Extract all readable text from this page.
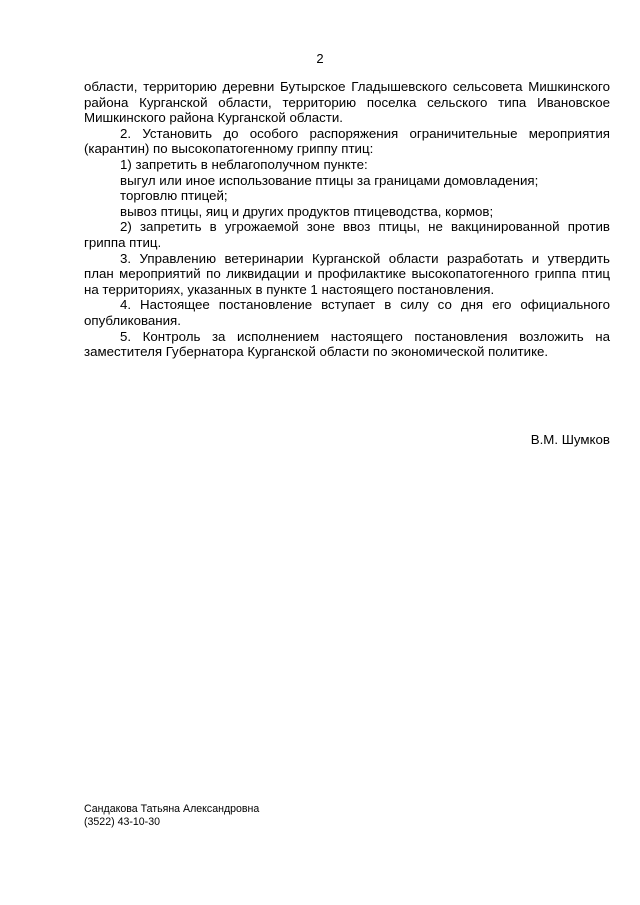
2

области, территорию деревни Бутырское Гладышевского сельсовета Мишкинского района Курганской области, территорию поселка сельского типа Ивановское Мишкинского района Курганской области.

2. Установить до особого распоряжения ограничительные мероприятия (карантин) по высокопатогенному гриппу птиц:

1) запретить в неблагополучном пункте:

выгул или иное использование птицы за границами домовладения;

торговлю птицей;

вывоз птицы, яиц и других продуктов птицеводства, кормов;

2) запретить в угрожаемой зоне ввоз птицы, не вакцинированной против гриппа птиц.

3. Управлению ветеринарии Курганской области разработать и утвердить план мероприятий по ликвидации и профилактике высокопатогенного гриппа птиц на территориях, указанных в пункте 1 настоящего постановления.

4. Настоящее постановление вступает в силу со дня его официального опубликования.

5. Контроль за исполнением настоящего постановления возложить на заместителя Губернатора Курганской области по экономической политике.

В.М. Шумков
Сандакова Татьяна Александровна
(3522) 43-10-30
